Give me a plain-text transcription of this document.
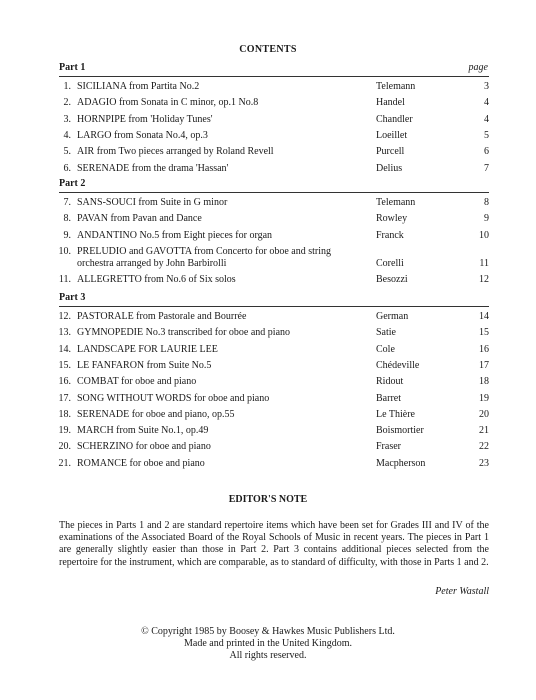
CONTENTS
page
Part 1
1. SICILIANA from Partita No.2	Telemann	3
2. ADAGIO from Sonata in C minor, op.1 No.8	Handel	4
3. HORNPIPE from 'Holiday Tunes'	Chandler	4
4. LARGO from Sonata No.4, op.3	Loeillet	5
5. AIR from Two pieces arranged by Roland Revell	Purcell	6
6. SERENADE from the drama 'Hassan'	Delius	7
Part 2
7. SANS-SOUCI from Suite in G minor	Telemann	8
8. PAVAN from Pavan and Dance	Rowley	9
9. ANDANTINO No.5 from Eight pieces for organ	Franck	10
10. PRELUDIO and GAVOTTA from Concerto for oboe and string
orchestra arranged by John Barbirolli	Corelli	11
11. ALLEGRETTO from No.6 of Six solos	Besozzi	12
Part 3
12. PASTORALE from Pastorale and Bourrée	German	14
13. GYMNOPEDIE No.3 transcribed for oboe and piano	Satie	15
14. LANDSCAPE FOR LAURIE LEE	Cole	16
15. LE FANFARON from Suite No.5	Chédeville	17
16. COMBAT for oboe and piano	Ridout	18
17. SONG WITHOUT WORDS for oboe and piano	Barret	19
18. SERENADE for oboe and piano, op.55	Le Thière	20
19. MARCH from Suite No.1, op.49	Boismortier	21
20. SCHERZINO for oboe and piano	Fraser	22
21. ROMANCE for oboe and piano	Macpherson	23
EDITOR'S NOTE
The pieces in Parts 1 and 2 are standard repertoire items which have been set for Grades III and IV of the examinations of the Associated Board of the Royal Schools of Music in recent years. The pieces in Part 1 are generally slightly easier than those in Part 2. Part 3 contains additional pieces selected from the repertoire for the instrument, which are comparable, as to standard of difficulty, with those in Parts 1 and 2.
Peter Wastall
© Copyright 1985 by Boosey & Hawkes Music Publishers Ltd.
Made and printed in the United Kingdom.
All rights reserved.
